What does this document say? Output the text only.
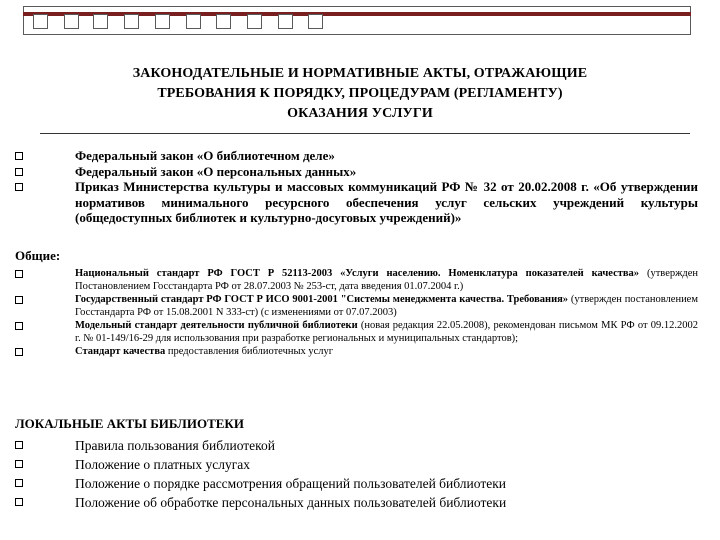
ЗАКОНОДАТЕЛЬНЫЕ И НОРМАТИВНЫЕ АКТЫ, ОТРАЖАЮЩИЕ
ТРЕБОВАНИЯ К ПОРЯДКУ, ПРОЦЕДУРАМ (РЕГЛАМЕНТУ)
ОКАЗАНИЯ УСЛУГИ
Федеральный закон «О библиотечном деле»
Федеральный закон «О персональных данных»
Приказ Министерства культуры и массовых коммуникаций РФ № 32 от 20.02.2008 г. «Об утверждении нормативов минимального ресурсного обеспечения услуг сельских учреждений культуры (общедоступных библиотек и культурно-досуговых учреждений)»
Общие:
Национальный стандарт РФ ГОСТ Р 52113-2003 «Услуги населению. Номенклатура показателей качества» (утвержден Постановлением Госстандарта РФ от 28.07.2003 № 253-ст, дата введения 01.07.2004 г.)
Государственный стандарт РФ ГОСТ Р ИСО 9001-2001 "Системы менеджмента качества. Требования» (утвержден постановлением Госстандарта РФ от 15.08.2001 N 333-ст) (с изменениями от 07.07.2003)
Модельный стандарт деятельности публичной библиотеки (новая редакция 22.05.2008), рекомендован письмом МК РФ от 09.12.2002 г. № 01-149/16-29 для использования при разработке региональных и муниципальных стандартов);
Стандарт качества предоставления библиотечных услуг
ЛОКАЛЬНЫЕ АКТЫ БИБЛИОТЕКИ
Правила пользования библиотекой
Положение о платных услугах
Положение о порядке рассмотрения обращений пользователей библиотеки
Положение об обработке персональных данных пользователей библиотеки
